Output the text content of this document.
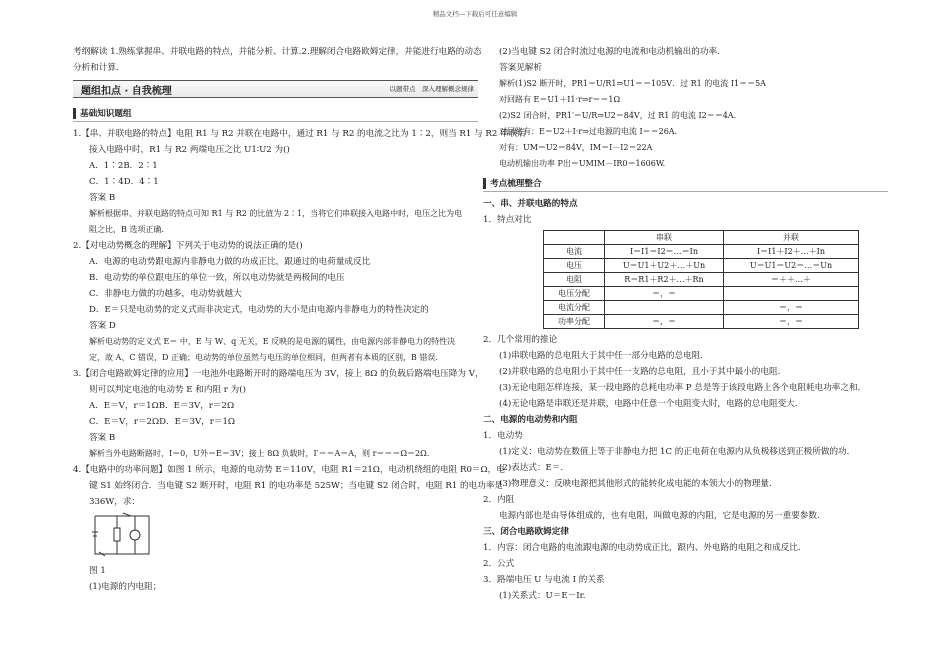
精品文档---下载后可任意编辑
考纲解读 1.熟练掌握串、并联电路的特点，并能分析、计算.2.理解闭合电路欧姆定律，并能进行电路的动态
分析和计算.
题组扣点 · 自我梳理	以题带点　深入理解概念规律
基础知识题组
1.【串、并联电路的特点】电阻 R1 与 R2 并联在电路中，通过 R1 与 R2 的电流之比为 1∶2，则当 R1 与 R2 串联后
接入电路中时，R1 与 R2 两端电压之比 U1∶U2 为()
A．1∶2B．2∶1
C．1∶4D．4∶1
答案 B
解析根据串、并联电路的特点可知 R1 与 R2 的比值为 2∶1，当将它们串联接入电路中时，电压之比为电
阻之比，B 选项正确.
2.【对电动势概念的理解】下列关于电动势的说法正确的是()
A．电源的电动势跟电源内非静电力做的功成正比，跟通过的电荷量成反比
B．电动势的单位跟电压的单位一致，所以电动势就是两极间的电压
C．非静电力做的功越多，电动势就越大
D．E＝只是电动势的定义式而非决定式，电动势的大小是由电源内非静电力的特性决定的
答案 D
解析电动势的定义式 E＝ 中，E 与 W、q 无关，E 反映的是电源的属性，由电源内部非静电力的特性决
定，故 A、C 错误，D 正确；电动势的单位虽然与电压的单位相同，但两者有本质的区别，B 错误.
3.【闭合电路欧姆定律的应用】一电池外电路断开时的路端电压为 3V，接上 8Ω 的负载后路端电压降为 V，
则可以判定电池的电动势 E 和内阻 r 为()
A．E＝V，r＝1ΩB．E＝3V，r＝2Ω
C．E＝V，r＝2ΩD．E＝3V，r＝1Ω
答案 B
解析当外电路断路时，I＝0，U外＝E＝3V；接上 8Ω 负载时，I′＝＝A＝A，则 r＝＝＝Ω＝2Ω.
4.【电路中的功率问题】如图 1 所示，电源的电动势 E＝110V，电阻 R1＝21Ω，电动机绕组的电阻 R0＝Ω，电
键 S1 始终闭合．当电键 S2 断开时，电阻 R1 的电功率是 525W；当电键 S2 闭合时，电阻 R1 的电功率是
336W，求：
图 1
(1)电源的内电阻；
(2)当电键 S2 闭合时流过电源的电流和电动机输出的功率.
答案见解析
解析(1)S2 断开时，PR1＝U/R1⇒U1＝＝105V．过 R1 的电流 I1＝＝5A
对回路有 E＝U1＋I1·r⇒r＝＝1Ω
(2)S2 闭合时，PR1′＝U/R⇒U2＝84V，过 R1 的电流 I2＝＝4A.
对回路有：E＝U2＋I·r⇒过电源的电流 I＝＝26A.
对有：UM＝U2＝84V，IM＝I－I2＝22A
电动机输出功率 P出＝UMIM－IR0＝1606W.
考点梳理整合
一、串、并联电路的特点
1．特点对比
	串联	并联
电流	I＝I1＝I2＝…＝In	I＝I1＋I2＋…＋In
电压	U＝U1＋U2＋…＋Un	U＝U1＝U2＝…＝Un
电阻	R＝R1＋R2＋…＋Rn	＝＋＋…＋
电压分配	＝，＝	
电流分配		＝，＝
功率分配	＝，＝	＝，＝
2．几个常用的推论
(1)串联电路的总电阻大于其中任一部分电路的总电阻.
(2)并联电路的总电阻小于其中任一支路的总电阻，且小于其中最小的电阻.
(3)无论电阻怎样连接，某一段电路的总耗电功率 P 总是等于该段电路上各个电阻耗电功率之和.
(4)无论电路是串联还是并联，电路中任意一个电阻变大时，电路的总电阻变大.
二、电源的电动势和内阻
1．电动势
(1)定义：电动势在数值上等于非静电力把 1C 的正电荷在电源内从负极移送到正极所做的功.
(2)表达式：E＝.
(3)物理意义：反映电源把其他形式的能转化成电能的本领大小的物理量.
2．内阻
电源内部也是由导体组成的，也有电阻，叫做电源的内阻，它是电源的另一重要参数.
三、闭合电路欧姆定律
1．内容：闭合电路的电流跟电源的电动势成正比，跟内、外电路的电阻之和成反比.
2．公式
3．路端电压 U 与电流 I 的关系
(1)关系式：U＝E－Ir.
